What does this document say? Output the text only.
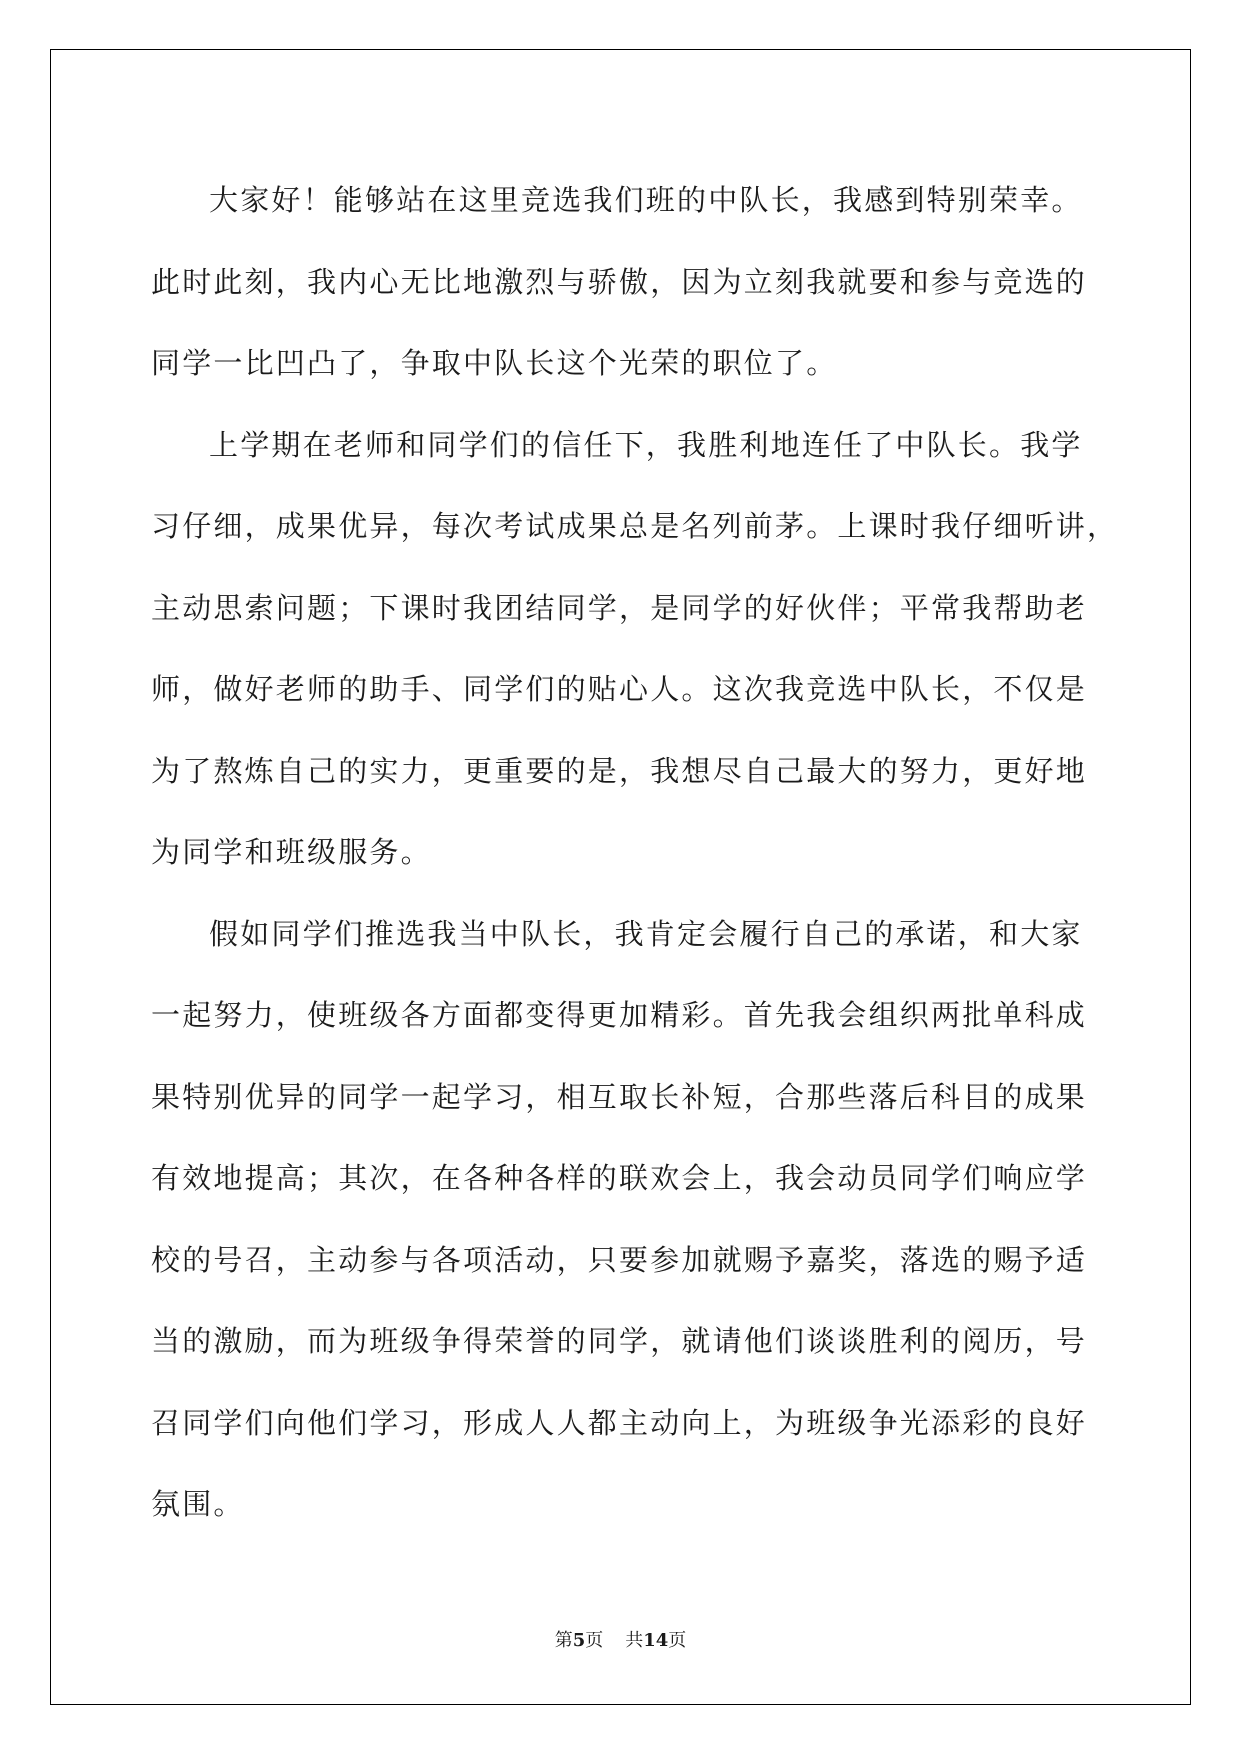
大家好！能够站在这里竞选我们班的中队长，我感到特别荣幸。
此时此刻，我内心无比地激烈与骄傲，因为立刻我就要和参与竞选的
同学一比凹凸了，争取中队长这个光荣的职位了。

上学期在老师和同学们的信任下，我胜利地连任了中队长。我学
习仔细，成果优异，每次考试成果总是名列前茅。上课时我仔细听讲，
主动思索问题；下课时我团结同学，是同学的好伙伴；平常我帮助老
师，做好老师的助手、同学们的贴心人。这次我竞选中队长，不仅是
为了熬炼自己的实力，更重要的是，我想尽自己最大的努力，更好地
为同学和班级服务。

假如同学们推选我当中队长，我肯定会履行自己的承诺，和大家
一起努力，使班级各方面都变得更加精彩。首先我会组织两批单科成
果特别优异的同学一起学习，相互取长补短，合那些落后科目的成果
有效地提高；其次，在各种各样的联欢会上，我会动员同学们响应学
校的号召，主动参与各项活动，只要参加就赐予嘉奖，落选的赐予适
当的激励，而为班级争得荣誉的同学，就请他们谈谈胜利的阅历，号
召同学们向他们学习，形成人人都主动向上，为班级争光添彩的良好
氛围。

第5页 共14页
